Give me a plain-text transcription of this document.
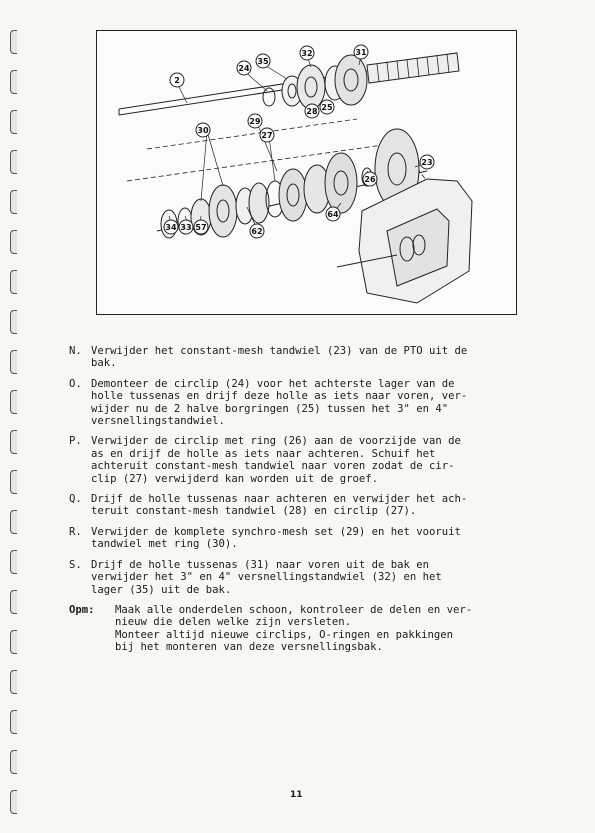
2
24
35
32	31
28 25
30
29
27
23
26
34 33 57
64
62
N. Verwijder het constant-mesh tandwiel (23) van de PTO uit de
bak.
O. Demonteer de circlip (24) voor het achterste lager van de
holle tussenas en drijf deze holle as iets naar voren, ver-
wijder nu de 2 halve borgringen (25) tussen het 3" en 4"
versnellingstandwiel.
P. Verwijder de circlip met ring (26) aan de voorzijde van de
as en drijf de holle as iets naar achteren. Schuif het
achteruit constant-mesh tandwiel naar voren zodat de cir-
clip (27) verwijderd kan worden uit de groef.
Q. Drijf de holle tussenas naar achteren en verwijder het ach-
teruit constant-mesh tandwiel (28) en circlip (27).
R. Verwijder de komplete synchro-mesh set (29) en het vooruit
tandwiel met ring (30).
S. Drijf de holle tussenas (31) naar voren uit de bak en
verwijder het 3" en 4" versnellingstandwiel (32) en het
lager (35) uit de bak.
Opm: Maak alle onderdelen schoon, kontroleer de delen en ver-
nieuw die delen welke zijn versleten.
Monteer altijd nieuwe circlips, O-ringen en pakkingen
bij het monteren van deze versnellingsbak.
11
